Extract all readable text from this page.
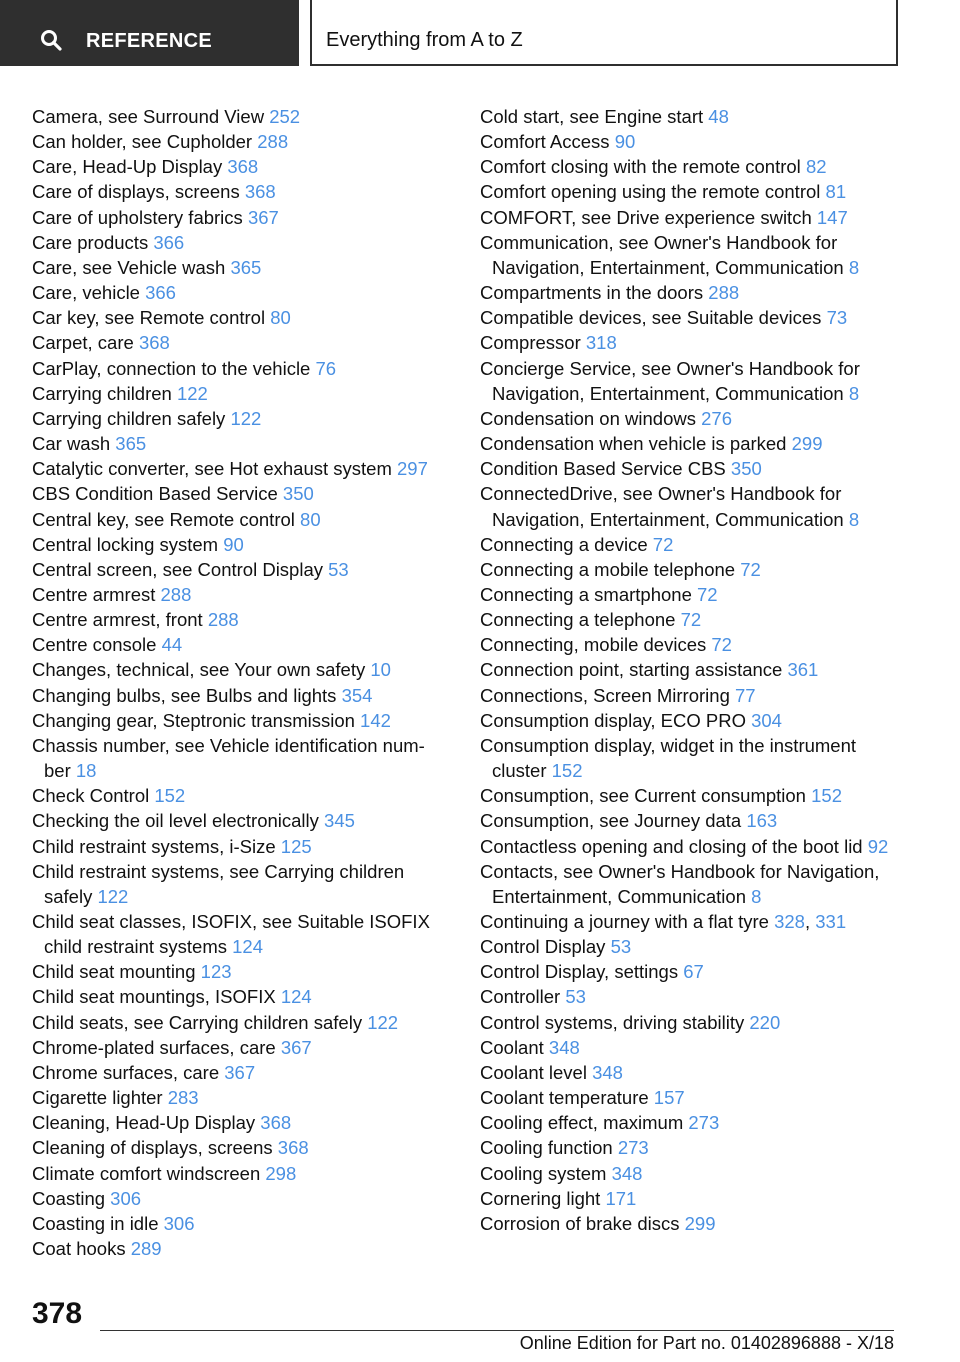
REFERENCE	Everything from A to Z
Camera, see Surround View 252
Can holder, see Cupholder 288
Care, Head-Up Display 368
Care of displays, screens 368
Care of upholstery fabrics 367
Care products 366
Care, see Vehicle wash 365
Care, vehicle 366
Car key, see Remote control 80
Carpet, care 368
CarPlay, connection to the vehicle 76
Carrying children 122
Carrying children safely 122
Car wash 365
Catalytic converter, see Hot exhaust system 297
CBS Condition Based Service 350
Central key, see Remote control 80
Central locking system 90
Central screen, see Control Display 53
Centre armrest 288
Centre armrest, front 288
Centre console 44
Changes, technical, see Your own safety 10
Changing bulbs, see Bulbs and lights 354
Changing gear, Steptronic transmission 142
Chassis number, see Vehicle identification num‐ ber 18
Check Control 152
Checking the oil level electronically 345
Child restraint systems, i-Size 125
Child restraint systems, see Carrying children safely 122
Child seat classes, ISOFIX, see Suitable ISOFIX child restraint systems 124
Child seat mounting 123
Child seat mountings, ISOFIX 124
Child seats, see Carrying children safely 122
Chrome-plated surfaces, care 367
Chrome surfaces, care 367
Cigarette lighter 283
Cleaning, Head-Up Display 368
Cleaning of displays, screens 368
Climate comfort windscreen 298
Coasting 306
Coasting in idle 306
Coat hooks 289
Cold start, see Engine start 48
Comfort Access 90
Comfort closing with the remote control 82
Comfort opening using the remote control 81
COMFORT, see Drive experience switch 147
Communication, see Owner's Handbook for Navigation, Entertainment, Communication 8
Compartments in the doors 288
Compatible devices, see Suitable devices 73
Compressor 318
Concierge Service, see Owner's Handbook for Navigation, Entertainment, Communication 8
Condensation on windows 276
Condensation when vehicle is parked 299
Condition Based Service CBS 350
ConnectedDrive, see Owner's Handbook for Navigation, Entertainment, Communication 8
Connecting a device 72
Connecting a mobile telephone 72
Connecting a smartphone 72
Connecting a telephone 72
Connecting, mobile devices 72
Connection point, starting assistance 361
Connections, Screen Mirroring 77
Consumption display, ECO PRO 304
Consumption display, widget in the instrument cluster 152
Consumption, see Current consumption 152
Consumption, see Journey data 163
Contactless opening and closing of the boot lid 92
Contacts, see Owner's Handbook for Navigation, Entertainment, Communication 8
Continuing a journey with a flat tyre 328, 331
Control Display 53
Control Display, settings 67
Controller 53
Control systems, driving stability 220
Coolant 348
Coolant level 348
Coolant temperature 157
Cooling effect, maximum 273
Cooling function 273
Cooling system 348
Cornering light 171
Corrosion of brake discs 299
378
Online Edition for Part no. 01402896888 - X/18
